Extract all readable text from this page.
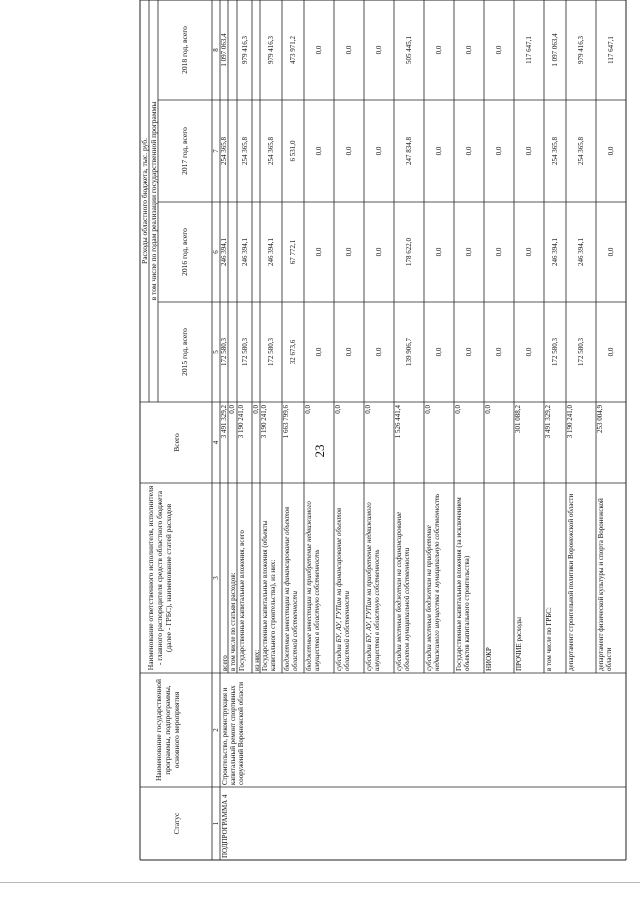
23
Статус
Наименование государственной программы, подпрограммы, основного мероприятия
Наименование ответственного исполнителя, исполнителя - главного распорядителя средств областного бюджета (далее - ГРБС), наименование статей расходов
Всего
Расходы областного бюджета, тыс. руб. в том числе по годам реализации государственной программы
2015 год, всего
2016 год, всего
2017 год, всего
2018 год, всего
1
2
3
4
5
6
7
8
ПОДПРОГРАММА 4
Строительство, реконструкция и капитальный ремонт спортивных сооружений Воронежской области
всего
3 491 329,2
172 580,3
246 394,1
254 365,8
1 097 063,4
в том числе по статьям расходов:
0,0
Государственные капитальные вложения, всего
3 190 241,0
172 580,3
246 394,1
254 365,8
979 416,3
из них:
0,0
Государственные капитальные вложения (объекты капитального строительства), из них:
3 190 241,0
172 580,3
246 394,1
254 365,8
979 416,3
бюджетные инвестиции на финансирование объектов областной собственности
1 663 799,6
32 673,6
67 772,1
6 531,0
473 971,2
бюджетные инвестиции на приобретение недвижимого имущества в областную собственность
0,0
0,0
0,0
0,0
0,0
субсидии БУ, АУ, ГУПам на финансирование объектов областной собственности
0,0
0,0
0,0
0,0
0,0
субсидии БУ, АУ, ГУПам на приобретение недвижимого имущества в областную собственность
0,0
0,0
0,0
0,0
0,0
субсидии местным бюджетам на софинансирование объектов муниципальной собственности
1 526 441,4
139 906,7
178 622,0
247 834,8
505 445,1
субсидии местным бюджетам на приобретение недвижимого имущества в муниципальную собственность
0,0
0,0
0,0
0,0
0,0
Государственные капитальные вложения (за исключением объектов капитального строительства)
0,0
0,0
0,0
0,0
0,0
НИОКР
0,0
0,0
0,0
0,0
0,0
ПРОЧИЕ расходы
301 088,2
0,0
0,0
0,0
117 647,1
в том числе по ГРБС:
3 491 329,2
172 580,3
246 394,1
254 365,8
1 097 063,4
департамент строительной политики Воронежской области
3 190 241,0
172 580,3
246 394,1
254 365,8
979 416,3
департамент физической культуры и спорта Воронежской области
253 004,9
0,0
0,0
0,0
117 647,1
